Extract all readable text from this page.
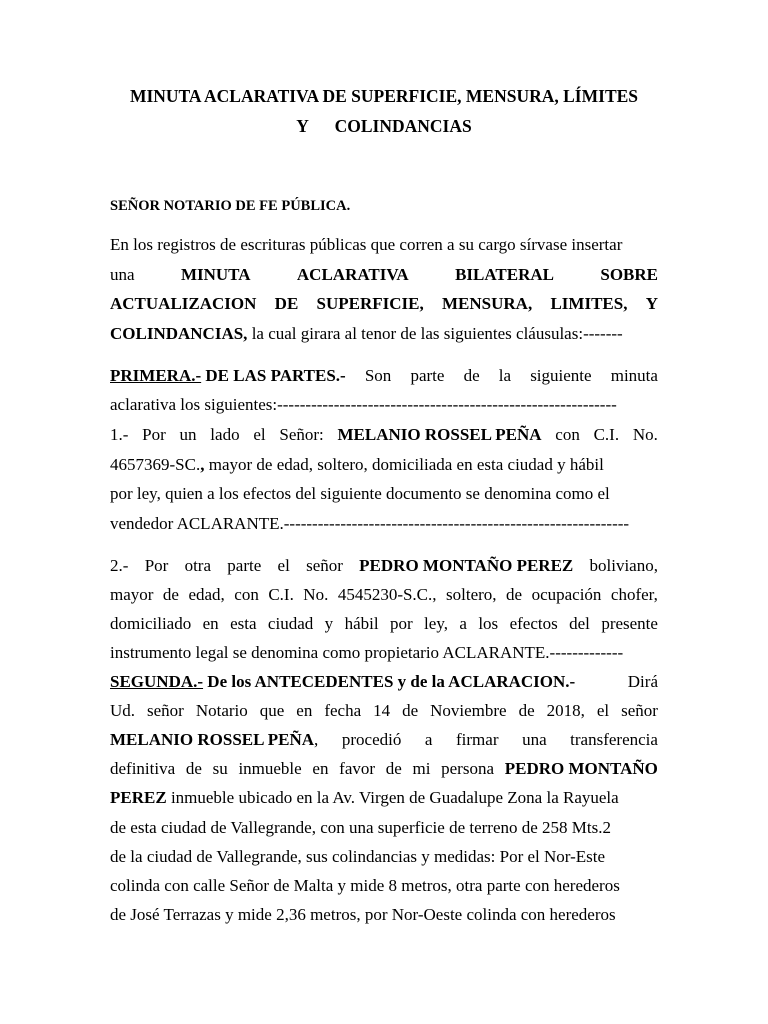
MINUTA ACLARATIVA DE SUPERFICIE, MENSURA, LÍMITES
Y COLINDANCIAS
SEÑOR NOTARIO DE FE PÚBLICA.
En los registros de escrituras públicas que corren a su cargo sírvase insertar
una	MINUTA	ACLARATIVA	BILATERAL	SOBRE
ACTUALIZACION DE SUPERFICIE, MENSURA, LIMITES, Y
COLINDANCIAS, la cual girara al tenor de las siguientes cláusulas:-------
PRIMERA.- DE LAS PARTES.- Son parte de la siguiente minuta
aclarativa los siguientes:------------------------------------------------------------
1.- Por un lado el Señor: MELANIO ROSSEL PEÑA con C.I. No.
4657369-SC., mayor de edad, soltero, domiciliada en esta ciudad y hábil
por ley, quien a los efectos del siguiente documento se denomina como el
vendedor ACLARANTE.-------------------------------------------------------------
2.- Por otra parte el señor PEDRO MONTAÑO PEREZ boliviano,
mayor de edad, con C.I. No. 4545230-S.C., soltero, de ocupación chofer,
domiciliado en esta ciudad y hábil por ley, a los efectos del presente
instrumento legal se denomina como propietario ACLARANTE.-------------
SEGUNDA.- De los ANTECEDENTES y de la ACLARACION.-	Dirá
Ud. señor Notario que en fecha 14 de Noviembre de 2018, el señor
MELANIO ROSSEL PEÑA, procedió a firmar una transferencia
definitiva de su inmueble en favor de mi persona PEDRO MONTAÑO
PEREZ inmueble ubicado en la Av. Virgen de Guadalupe Zona la Rayuela
de esta ciudad de Vallegrande, con una superficie de terreno de 258 Mts.2
de la ciudad de Vallegrande, sus colindancias y medidas: Por el Nor-Este
colinda con calle Señor de Malta y mide 8 metros, otra parte con herederos
de José Terrazas y mide 2,36 metros, por Nor-Oeste colinda con herederos
